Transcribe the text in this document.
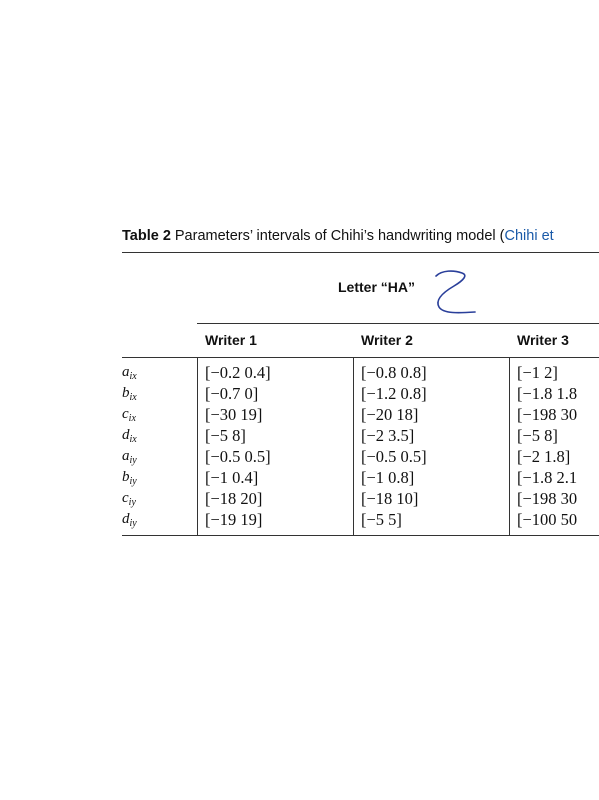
Table 2 Parameters’ intervals of Chihi’s handwriting model (Chihi et
Letter “HA”
Writer 1	Writer 2	Writer 3
$a_{ix}$	[−0.2 0.4]	[−0.8 0.8]	[−1 2]
$b_{ix}$	[−0.7 0]	[−1.2 0.8]	[−1.8 1.8
$c_{ix}$	[−30 19]	[−20 18]	[−198 30
$d_{ix}$	[−5 8]	[−2 3.5]	[−5 8]
$a_{iy}$	[−0.5 0.5]	[−0.5 0.5]	[−2 1.8]
$b_{iy}$	[−1 0.4]	[−1 0.8]	[−1.8 2.1
$c_{iy}$	[−18 20]	[−18 10]	[−198 30
$d_{iy}$	[−19 19]	[−5 5]	[−100 50
